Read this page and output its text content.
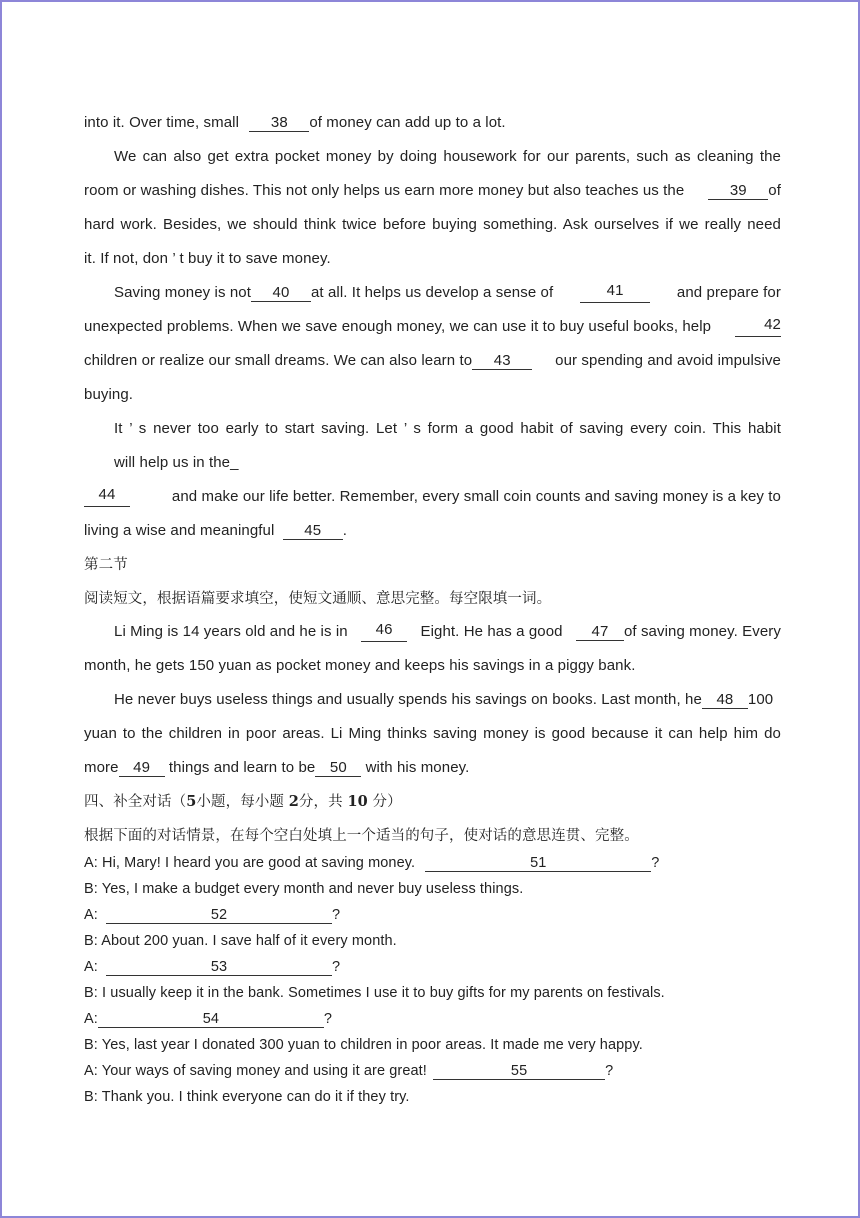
into it. Over time, small 38 of money can add up to a lot.
We can also get extra pocket money by doing housework for our parents, such as cleaning the
room or washing dishes. This not only helps us earn more money but also teaches us the	39 of
hard work. Besides, we should think twice before buying something. Ask ourselves if we really need
it. If not, don ’ t buy it to save money.
Saving money is not 40 at all. It helps us develop a sense of	41	and prepare for
unexpected problems. When we save enough money, we can use it to buy useful books, help	42
children or realize our small dreams. We can also learn to 43	our spending and avoid impulsive
buying.
It ’ s never too early to start saving. Let ’ s form a good habit of saving every coin. This habit
will help us in the_
44	and make our life better. Remember, every small coin counts and saving money is a key to
living a wise and meaningful 45 .
第二节
阅读短文，根据语篇要求填空，使短文通顺、意思完整。每空限填一词。
Li Ming is 14 years old and he is in	46	Eight. He has a good	47 of saving money. Every
month, he gets 150 yuan as pocket money and keeps his savings in a piggy bank.
He never buys useless things and usually spends his savings on books. Last month, he 48 100
yuan to the children in poor areas. Li Ming thinks saving money is good because it can help him do
more 49 things and learn to be 50 with his money.
四、补全对话（5小题，每小题 2分，共 10 分）
根据下面的对话情景，在每个空白处填上一个适当的句子，使对话的意思连贯、完整。
A: Hi, Mary! I heard you are good at saving money.	51	?
B: Yes, I make a budget every month and never buy useless things.
A:	52	?
B: About 200 yuan. I save half of it every month.
A:	53	?
B: I usually keep it in the bank. Sometimes I use it to buy gifts for my parents on festivals.
A:	54	?
B: Yes, last year I donated 300 yuan to children in poor areas. It made me very happy.
A: Your ways of saving money and using it are great!	55	?
B: Thank you. I think everyone can do it if they try.
